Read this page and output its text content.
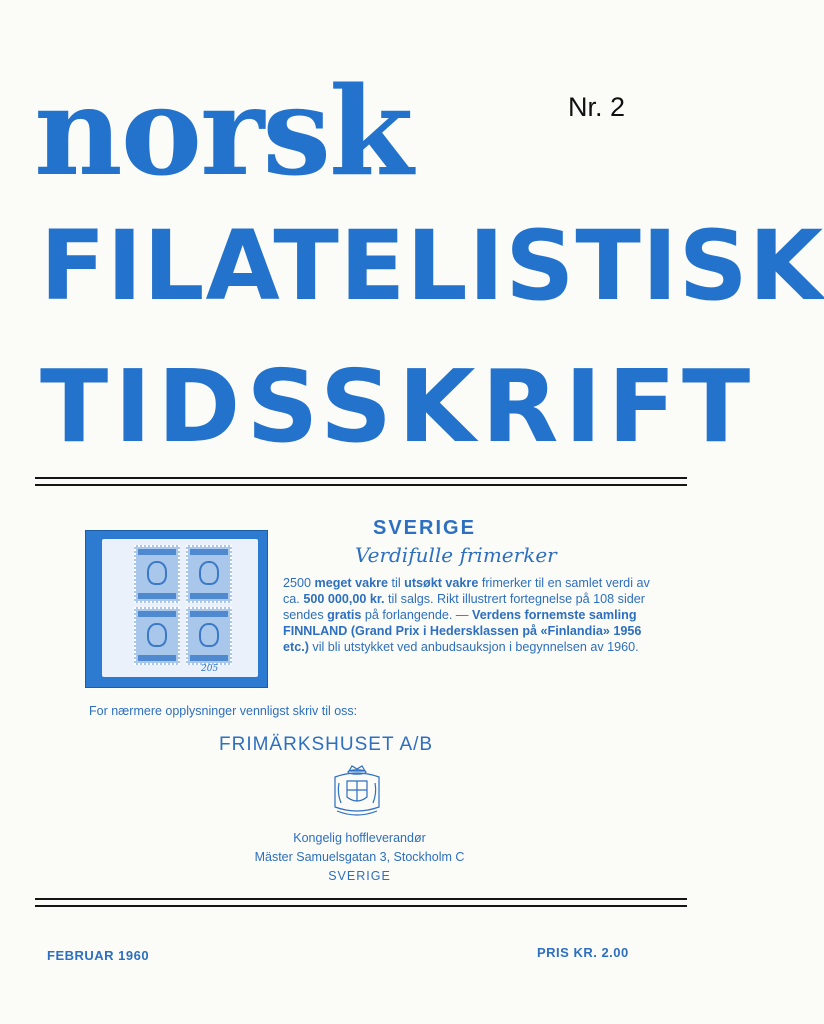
norsk	Nr. 2
FILATELISTISK
TIDSSKRIFT
205
SVERIGE
Verdifulle frimerker
2500 meget vakre til utsøkt vakre frimerker til en samlet verdi av ca. 500 000,00 kr. til salgs. Rikt illustrert fortegnelse på 108 sider sendes gratis på forlangende. — Verdens fornemste samling FINNLAND (Grand Prix i Hedersklassen på «Finlandia» 1956 etc.) vil bli utstykket ved anbudsauksjon i begynnelsen av 1960.
For nærmere opplysninger vennligst skriv til oss:
FRIMÄRKSHUSET A/B
Kongelig hoffleverandør
Mäster Samuelsgatan 3, Stockholm C
SVERIGE
FEBRUAR 1960	PRIS KR. 2.00
